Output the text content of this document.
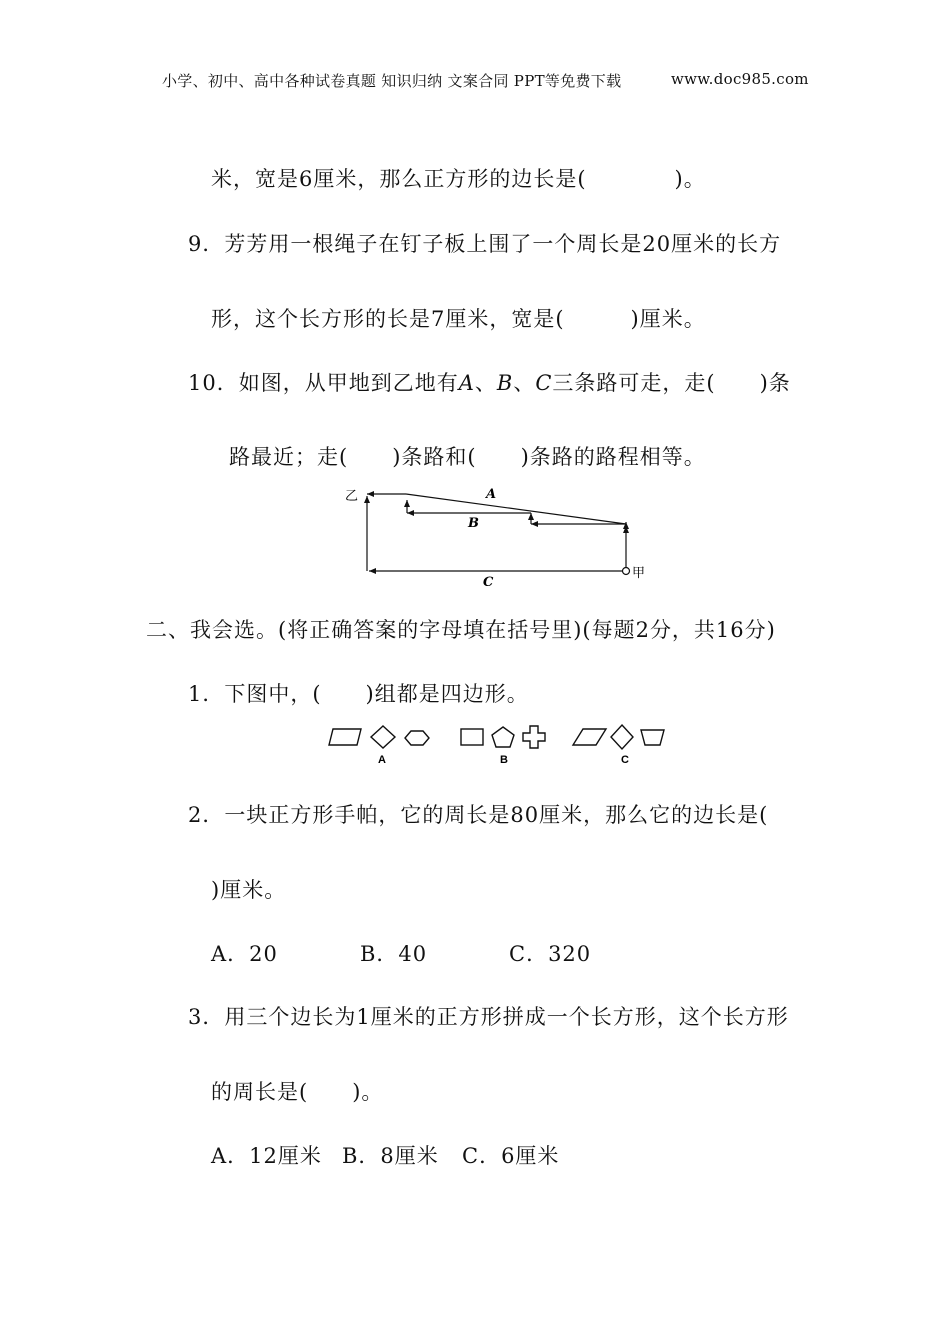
小学、初中、高中各种试卷真题 知识归纳 文案合同 PPT等免费下载	www.doc985.com
米，宽是6厘米，那么正方形的边长是(　　　　)。
9．芳芳用一根绳子在钉子板上围了一个周长是20厘米的长方
形，这个长方形的长是7厘米，宽是(　　　)厘米。
10．如图，从甲地到乙地有A、B、C三条路可走，走(　　)条
路最近；走(　　)条路和(　　)条路的路程相等。
乙
甲
A
B
C
二、我会选。(将正确答案的字母填在括号里)(每题2分，共16分)
1．下图中，(　　)组都是四边形。
A	B	C
2．一块正方形手帕，它的周长是80厘米，那么它的边长是(
)厘米。
A．20	B．40	C．320
3．用三个边长为1厘米的正方形拼成一个长方形，这个长方形
的周长是(　　)。
A．12厘米 B．8厘米 C．6厘米
